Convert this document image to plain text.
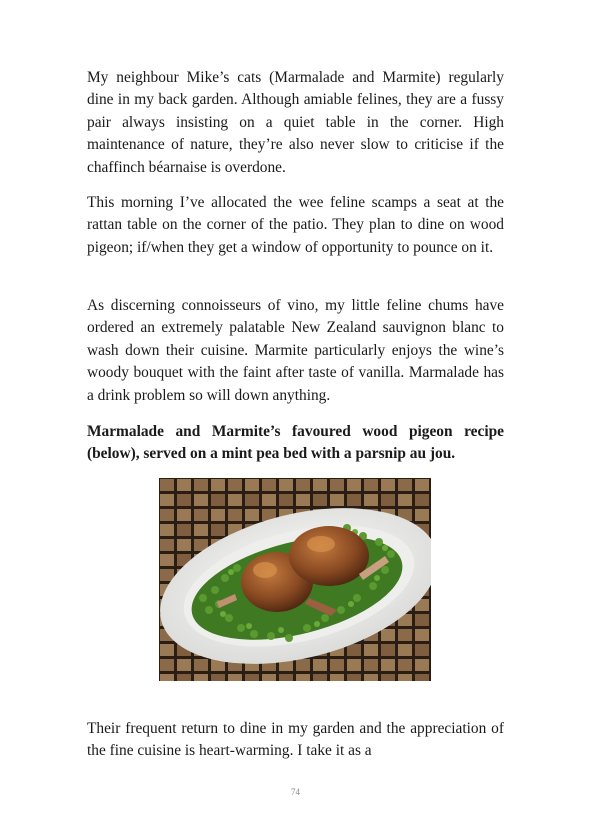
My neighbour Mike’s cats (Marmalade and Marmite) regularly dine in my back garden. Although amiable felines, they are a fussy pair always insisting on a quiet table in the corner. High maintenance of nature, they’re also never slow to criticise if the chaffinch béarnaise is overdone.

This morning I’ve allocated the wee feline scamps a seat at the rattan table on the corner of the patio. They plan to dine on wood pigeon; if/when they get a window of opportunity to pounce on it.

As discerning connoisseurs of vino, my little feline chums have ordered an extremely palatable New Zealand sauvignon blanc to wash down their cuisine. Marmite particularly enjoys the wine’s woody bouquet with the faint after taste of vanilla. Marmalade has a drink problem so will down anything.

Marmalade and Marmite’s favoured wood pigeon recipe (below), served on a mint pea bed with a parsnip au jou.

Their frequent return to dine in my garden and the appreciation of the fine cuisine is heart-warming. I take it as a

74
